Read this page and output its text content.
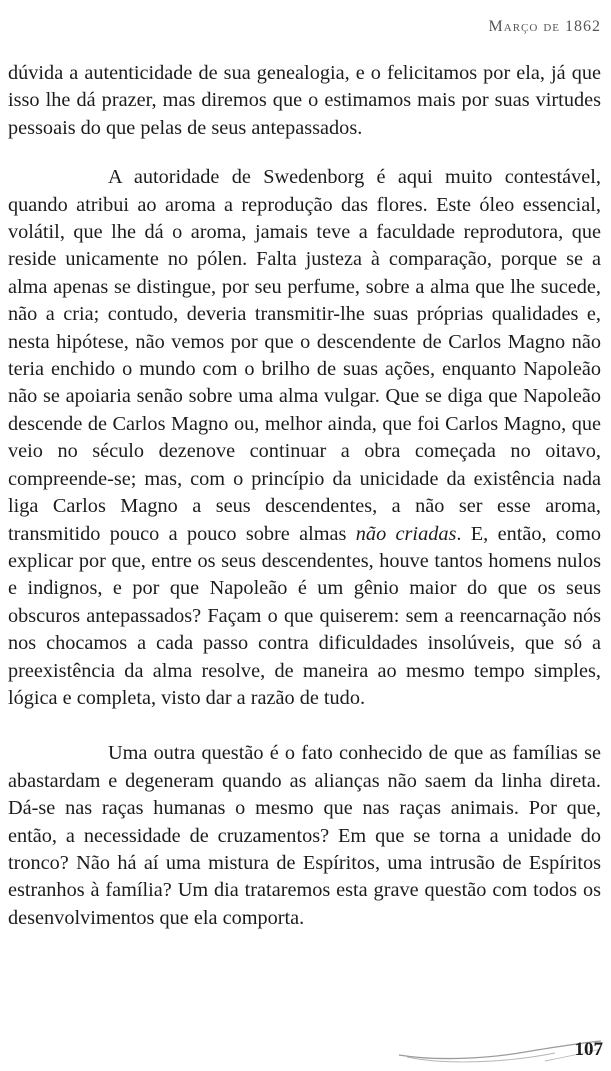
Março de 1862

dúvida a autenticidade de sua genealogia, e o felicitamos por ela, já que isso lhe dá prazer, mas diremos que o estimamos mais por suas virtudes pessoais do que pelas de seus antepassados.

A autoridade de Swedenborg é aqui muito contestável, quando atribui ao aroma a reprodução das flores. Este óleo essencial, volátil, que lhe dá o aroma, jamais teve a faculdade reprodutora, que reside unicamente no pólen. Falta justeza à comparação, porque se a alma apenas se distingue, por seu perfume, sobre a alma que lhe sucede, não a cria; contudo, deveria transmitir-lhe suas próprias qualidades e, nesta hipótese, não vemos por que o descendente de Carlos Magno não teria enchido o mundo com o brilho de suas ações, enquanto Napoleão não se apoiaria senão sobre uma alma vulgar. Que se diga que Napoleão descende de Carlos Magno ou, melhor ainda, que foi Carlos Magno, que veio no século dezenove continuar a obra começada no oitavo, compreende-se; mas, com o princípio da unicidade da existência nada liga Carlos Magno a seus descendentes, a não ser esse aroma, transmitido pouco a pouco sobre almas não criadas. E, então, como explicar por que, entre os seus descendentes, houve tantos homens nulos e indignos, e por que Napoleão é um gênio maior do que os seus obscuros antepassados? Façam o que quiserem: sem a reencarnação nós nos chocamos a cada passo contra dificuldades insolúveis, que só a preexistência da alma resolve, de maneira ao mesmo tempo simples, lógica e completa, visto dar a razão de tudo.

Uma outra questão é o fato conhecido de que as famílias se abastardam e degeneram quando as alianças não saem da linha direta. Dá-se nas raças humanas o mesmo que nas raças animais. Por que, então, a necessidade de cruzamentos? Em que se torna a unidade do tronco? Não há aí uma mistura de Espíritos, uma intrusão de Espíritos estranhos à família? Um dia trataremos esta grave questão com todos os desenvolvimentos que ela comporta.

107
